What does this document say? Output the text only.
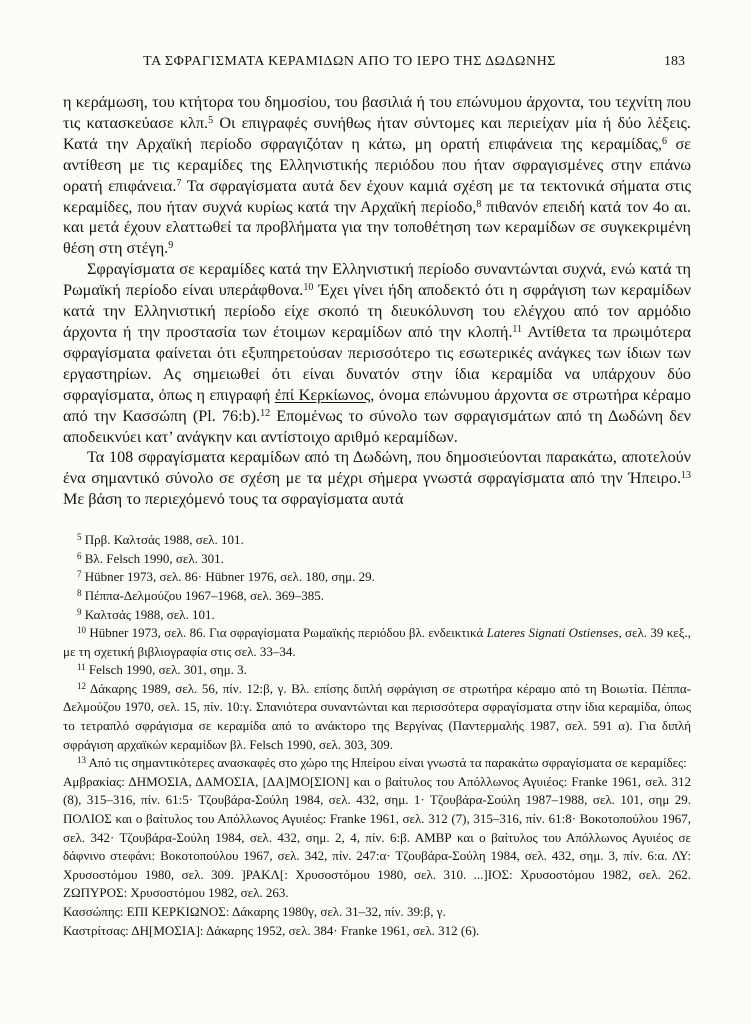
ΤΑ ΣΦΡΑΓΙΣΜΑΤΑ ΚΕΡΑΜΙΔΩΝ ΑΠΟ ΤΟ ΙΕΡΟ ΤΗΣ ΔΩΔΩΝΗΣ	183

η κεράμωση, του κτήτορα του δημοσίου, του βασιλιά ή του επώνυμου άρχοντα, του τεχνίτη που τις κατασκεύασε κλπ.$^5$ Οι επιγραφές συνήθως ήταν σύντομες και περιείχαν μία ή δύο λέξεις. Κατά την Αρχαϊκή περίοδο σφραγιζόταν η κάτω, μη ορατή επιφάνεια της κεραμίδας,$^6$ σε αντίθεση με τις κεραμίδες της Ελληνιστικής περιόδου που ήταν σφραγισμένες στην επάνω ορατή επιφάνεια.$^7$ Τα σφραγίσματα αυτά δεν έχουν καμιά σχέση με τα τεκτονικά σήματα στις κεραμίδες, που ήταν συχνά κυρίως κατά την Αρχαϊκή περίοδο,$^8$ πιθανόν επειδή κατά τον 4ο αι. και μετά έχουν ελαττωθεί τα προβλήματα για την τοποθέτηση των κεραμίδων σε συγκεκριμένη θέση στη στέγη.$^9$

Σφραγίσματα σε κεραμίδες κατά την Ελληνιστική περίοδο συναντώνται συχνά, ενώ κατά τη Ρωμαϊκή περίοδο είναι υπεράφθονα.$^{10}$ Έχει γίνει ήδη αποδεκτό ότι η σφράγιση των κεραμίδων κατά την Ελληνιστική περίοδο είχε σκοπό τη διευκόλυνση του ελέγχου από τον αρμόδιο άρχοντα ή την προστασία των έτοιμων κεραμίδων από την κλοπή.$^{11}$ Αντίθετα τα πρωιμότερα σφραγίσματα φαίνεται ότι εξυπηρετούσαν περισσότερο τις εσωτερικές ανάγκες των ίδιων των εργαστηρίων. Ας σημειωθεί ότι είναι δυνατόν στην ίδια κεραμίδα να υπάρχουν δύο σφραγίσματα, όπως η επιγραφή ἐπί Κερκίωνος, όνομα επώνυμου άρχοντα σε στρωτήρα κέραμο από την Κασσώπη (Pl. 76:b).$^{12}$ Επομένως το σύνολο των σφραγισμάτων από τη Δωδώνη δεν αποδεικνύει κατ’ ανάγκην και αντίστοιχο αριθμό κεραμίδων.

Τα 108 σφραγίσματα κεραμίδων από τη Δωδώνη, που δημοσιεύονται παρακάτω, αποτελούν ένα σημαντικό σύνολο σε σχέση με τα μέχρι σήμερα γνωστά σφραγίσματα από την Ήπειρο.$^{13}$ Με βάση το περιεχόμενό τους τα σφραγίσματα αυτά

$^5$ Πρβ. Καλτσάς 1988, σελ. 101.

$^6$ Βλ. Felsch 1990, σελ. 301.

$^7$ Hübner 1973, σελ. 86· Hübner 1976, σελ. 180, σημ. 29.

$^8$ Πέππα-Δελμούζου 1967–1968, σελ. 369–385.

$^9$ Καλτσάς 1988, σελ. 101.

$^{10}$ Hübner 1973, σελ. 86. Για σφραγίσματα Ρωμαϊκής περιόδου βλ. ενδεικτικά Lateres Signati Ostienses, σελ. 39 κεξ., με τη σχετική βιβλιογραφία στις σελ. 33–34.

$^{11}$ Felsch 1990, σελ. 301, σημ. 3.

$^{12}$ Δάκαρης 1989, σελ. 56, πίν. 12:β, γ. Βλ. επίσης διπλή σφράγιση σε στρωτήρα κέραμο από τη Βοιωτία. Πέππα-Δελμούζου 1970, σελ. 15, πίν. 10:γ. Σπανιότερα συναντώνται και περισσότερα σφραγίσματα στην ίδια κεραμίδα, όπως το τετραπλό σφράγισμα σε κεραμίδα από το ανάκτορο της Βεργίνας (Παντερμαλής 1987, σελ. 591 α). Για διπλή σφράγιση αρχαϊκών κεραμίδων βλ. Felsch 1990, σελ. 303, 309.

$^{13}$ Από τις σημαντικότερες ανασκαφές στο χώρο της Ηπείρου είναι γνωστά τα παρακάτω σφραγίσματα σε κεραμίδες:

Αμβρακίας: ΔΗΜΟΣΙΑ, ΔΑΜΟΣΙΑ, [ΔΑ]ΜΟ[ΣΙΟΝ] και ο βαίτυλος του Απόλλωνος Αγυιέος: Franke 1961, σελ. 312 (8), 315–316, πίν. 61:5· Τζουβάρα-Σούλη 1984, σελ. 432, σημ. 1· Τζουβάρα-Σούλη 1987–1988, σελ. 101, σημ 29. ΠΟΛΙΟΣ και ο βαίτυλος του Απόλλωνος Αγυιέος: Franke 1961, σελ. 312 (7), 315–316, πίν. 61:8· Βοκοτοπούλου 1967, σελ. 342· Τζουβάρα-Σούλη 1984, σελ. 432, σημ. 2, 4, πίν. 6:β. ΑΜΒΡ και ο βαίτυλος του Απόλλωνος Αγυιέος σε δάφνινο στεφάνι: Βοκοτοπούλου 1967, σελ. 342, πίν. 247:α· Τζουβάρα-Σούλη 1984, σελ. 432, σημ. 3, πίν. 6:α. ΛΥ: Χρυσοστόμου 1980, σελ. 309. ]ΡΑΚΛ[: Χρυσοστόμου 1980, σελ. 310. ...]ΙΟΣ: Χρυσοστόμου 1982, σελ. 262. ΖΩΠΥΡΟΣ: Χρυσοστόμου 1982, σελ. 263.

Κασσώπης: ΕΠΙ ΚΕΡΚΙΩΝΟΣ: Δάκαρης 1980γ, σελ. 31–32, πίν. 39:β, γ.

Καστρίτσας: ΔΗ[ΜΟΣΙΑ]: Δάκαρης 1952, σελ. 384· Franke 1961, σελ. 312 (6).
